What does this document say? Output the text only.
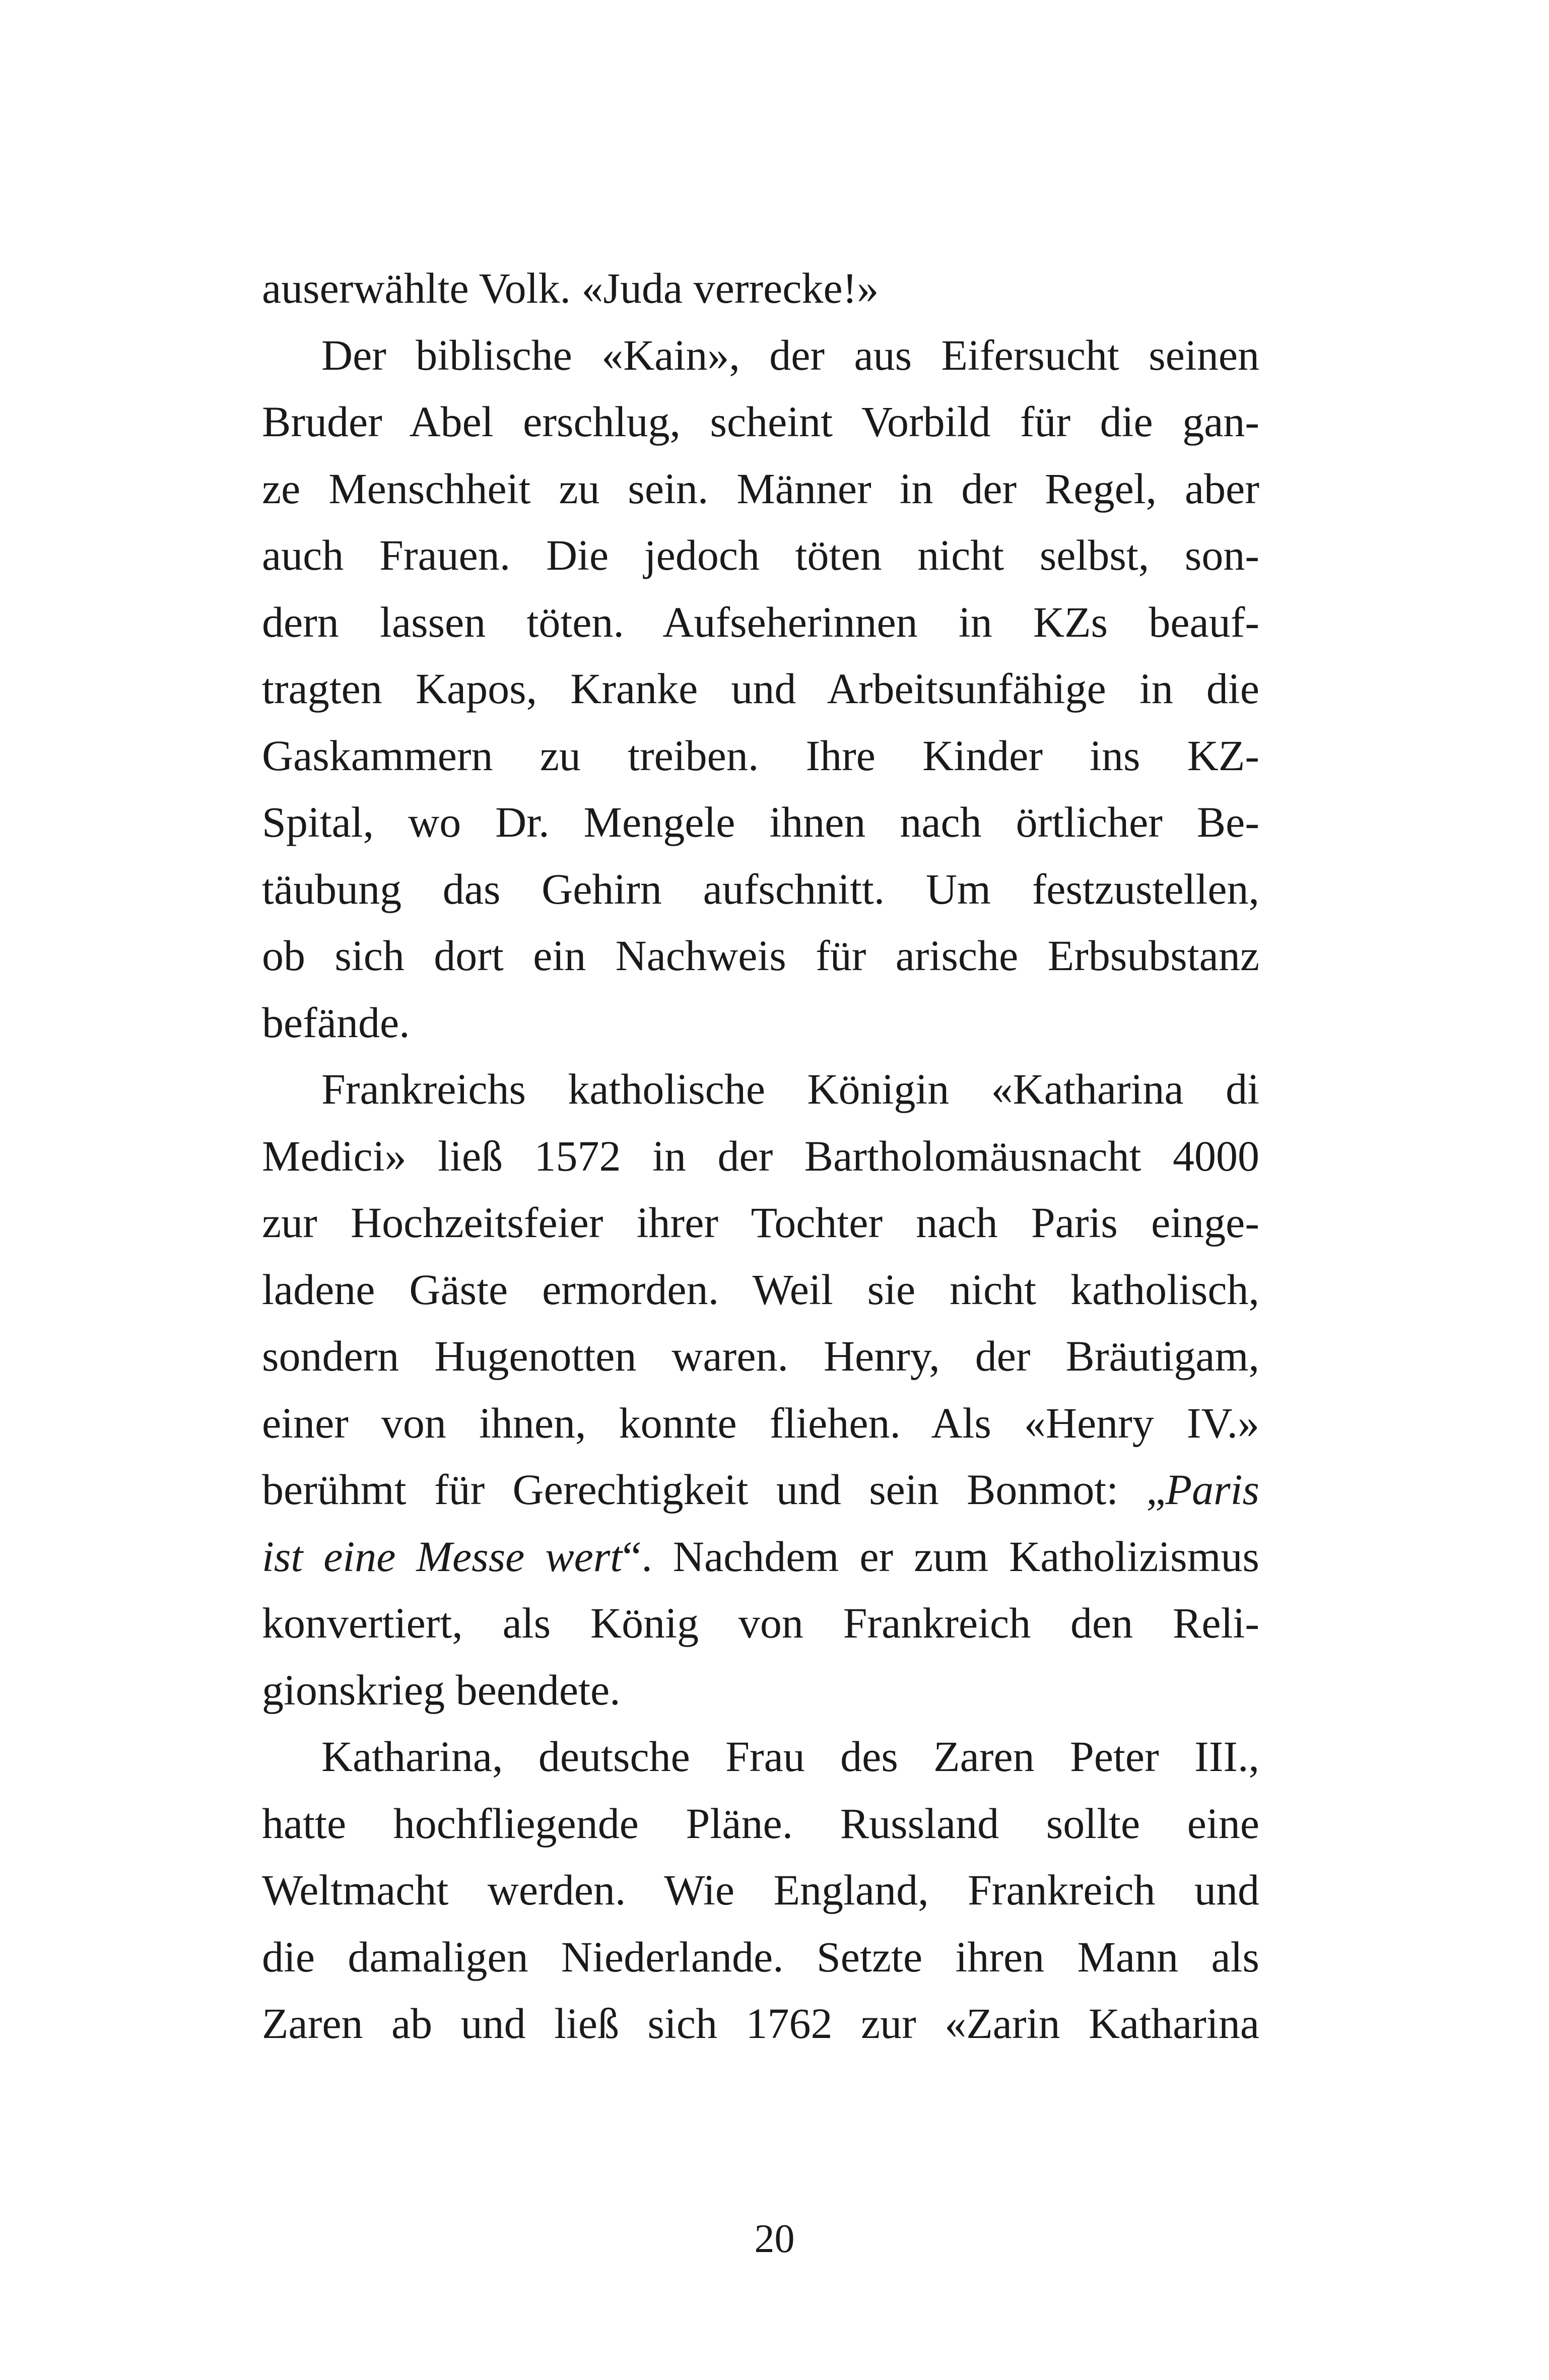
auserwählte Volk. «Juda verrecke!»
Der biblische «Kain», der aus Eifersucht seinen
Bruder Abel erschlug, scheint Vorbild für die gan-
ze Menschheit zu sein. Männer in der Regel, aber
auch Frauen. Die jedoch töten nicht selbst, son-
dern lassen töten. Aufseherinnen in KZs beauf-
tragten Kapos, Kranke und Arbeitsunfähige in die
Gaskammern zu treiben. Ihre Kinder ins KZ-
Spital, wo Dr. Mengele ihnen nach örtlicher Be-
täubung das Gehirn aufschnitt. Um festzustellen,
ob sich dort ein Nachweis für arische Erbsubstanz
befände.
Frankreichs katholische Königin «Katharina di
Medici» ließ 1572 in der Bartholomäusnacht 4000
zur Hochzeitsfeier ihrer Tochter nach Paris einge-
ladene Gäste ermorden. Weil sie nicht katholisch,
sondern Hugenotten waren. Henry, der Bräutigam,
einer von ihnen, konnte fliehen. Als «Henry IV.»
berühmt für Gerechtigkeit und sein Bonmot: „Paris
ist eine Messe wert“. Nachdem er zum Katholizismus
konvertiert, als König von Frankreich den Reli-
gionskrieg beendete.
Katharina, deutsche Frau des Zaren Peter III.,
hatte hochfliegende Pläne. Russland sollte eine
Weltmacht werden. Wie England, Frankreich und
die damaligen Niederlande. Setzte ihren Mann als
Zaren ab und ließ sich 1762 zur «Zarin Katharina
20
